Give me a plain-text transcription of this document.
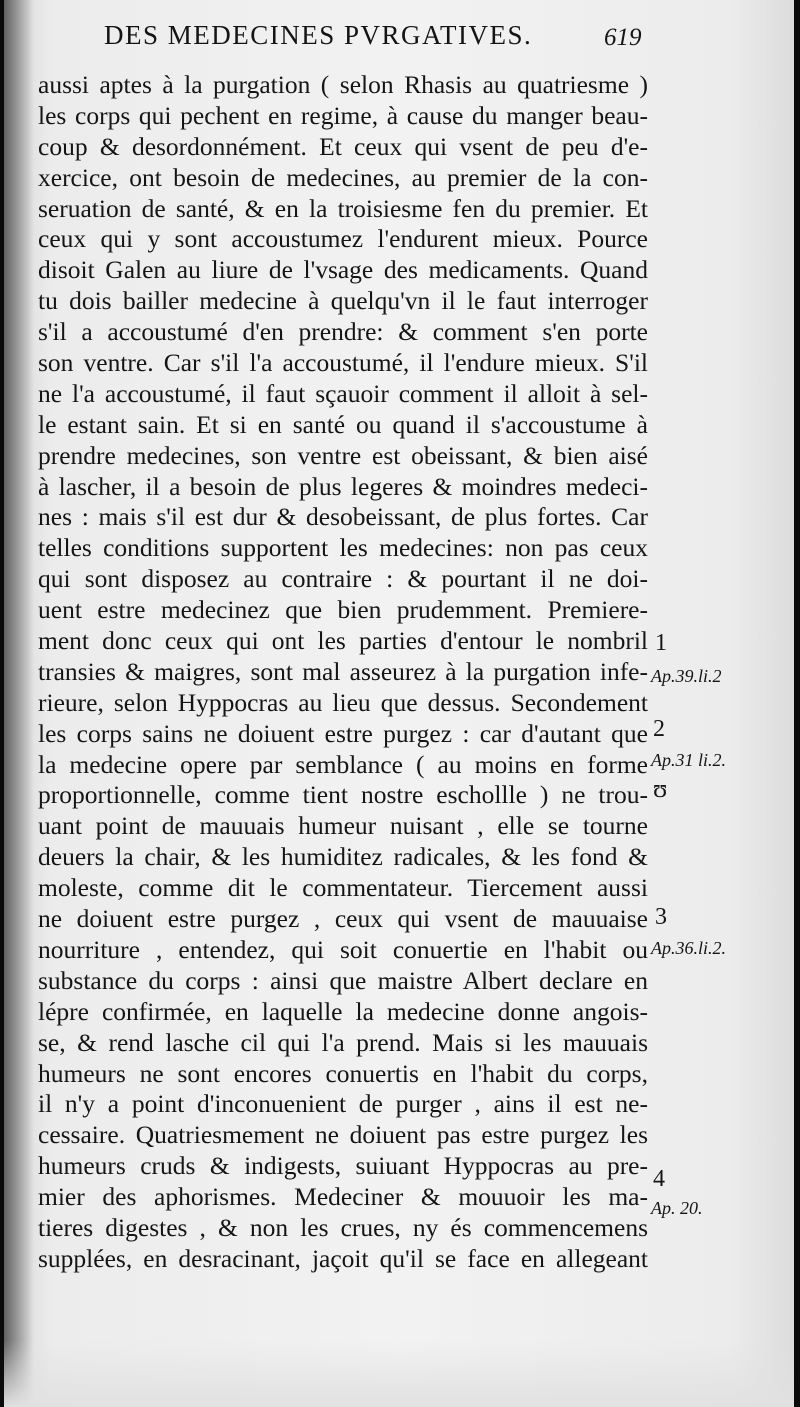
DES MEDECINES PVRGATIVES.	619
aussi aptes à la purgation ( selon Rhasis au quatriesme )
les corps qui pechent en regime, à cause du manger beau-
coup & desordonnément. Et ceux qui vsent de peu d'e-
xercice, ont besoin de medecines, au premier de la con-
seruation de santé, & en la troisiesme fen du premier. Et
ceux qui y sont accoustumez l'endurent mieux. Pource
disoit Galen au liure de l'vsage des medicaments. Quand
tu dois bailler medecine à quelqu'vn il le faut interroger
s'il a accoustumé d'en prendre: & comment s'en porte
son ventre. Car s'il l'a accoustumé, il l'endure mieux. S'il
ne l'a accoustumé, il faut sçauoir comment il alloit à sel-
le estant sain. Et si en santé ou quand il s'accoustume à
prendre medecines, son ventre est obeissant, & bien aisé
à lascher, il a besoin de plus legeres & moindres medeci-
nes : mais s'il est dur & desobeissant, de plus fortes. Car
telles conditions supportent les medecines: non pas ceux
qui sont disposez au contraire : & pourtant il ne doi-
uent estre medecinez que bien prudemment. Premiere-
ment donc ceux qui ont les parties d'entour le nombril
transies & maigres, sont mal asseurez à la purgation infe-
rieure, selon Hyppocras au lieu que dessus. Secondement
les corps sains ne doiuent estre purgez : car d'autant que
la medecine opere par semblance ( au moins en forme
proportionnelle, comme tient nostre eschollle ) ne trou-
uant point de mauuais humeur nuisant , elle se tourne
deuers la chair, & les humiditez radicales, & les fond &
moleste, comme dit le commentateur. Tiercement aussi
ne doiuent estre purgez , ceux qui vsent de mauuaise
nourriture , entendez, qui soit conuertie en l'habit ou
substance du corps : ainsi que maistre Albert declare en
lépre confirmée, en laquelle la medecine donne angois-
se, & rend lasche cil qui l'a prend. Mais si les mauuais
humeurs ne sont encores conuertis en l'habit du corps,
il n'y a point d'inconuenient de purger , ains il est ne-
cessaire. Quatriesmement ne doiuent pas estre purgez les
humeurs cruds & indigests, suiuant Hyppocras au pre-
mier des aphorismes. Medeciner & mouuoir les ma-
tieres digestes , & non les crues, ny és commencemens
supplées, en desracinant, jaçoit qu'il se face en allegeant
1
Ap.39.li.2
2
Ap.31 li.2.
ʊ
3
Ap.36.li.2.
4
Ap. 20.
